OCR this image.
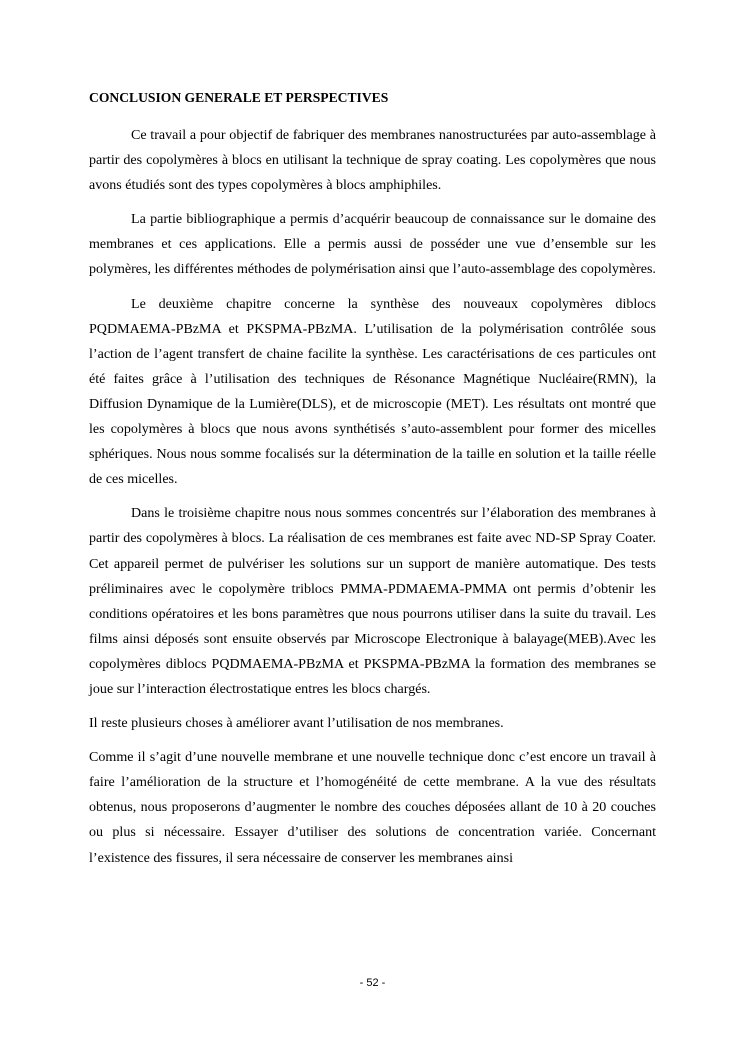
CONCLUSION GENERALE ET PERSPECTIVES

Ce travail a pour objectif de fabriquer des membranes nanostructurées par auto-assemblage à partir des copolymères à blocs en utilisant la technique de spray coating. Les copolymères que nous avons étudiés sont des types copolymères à blocs amphiphiles.

La partie bibliographique a permis d’acquérir beaucoup de connaissance sur le domaine des membranes et ces applications. Elle a permis aussi de posséder une vue d’ensemble sur les polymères, les différentes méthodes de polymérisation ainsi que l’auto-assemblage des copolymères.

Le deuxième chapitre concerne la synthèse des nouveaux copolymères diblocs PQDMAEMA-PBzMA et PKSPMA-PBzMA. L’utilisation de la polymérisation contrôlée sous l’action de l’agent transfert de chaine facilite la synthèse. Les caractérisations de ces particules ont été faites grâce à l’utilisation des techniques de Résonance Magnétique Nucléaire(RMN), la Diffusion Dynamique de la Lumière(DLS), et de microscopie (MET). Les résultats ont montré que les copolymères à blocs que nous avons synthétisés s’auto-assemblent pour former des micelles sphériques. Nous nous somme focalisés sur la détermination de la taille en solution et la taille réelle de ces micelles.

Dans le troisième chapitre nous nous sommes concentrés sur l’élaboration des membranes à partir des copolymères à blocs. La réalisation de ces membranes est faite avec ND-SP Spray Coater. Cet appareil permet de pulvériser les solutions sur un support de manière automatique. Des tests préliminaires avec le copolymère triblocs PMMA-PDMAEMA-PMMA ont permis d’obtenir les conditions opératoires et les bons paramètres que nous pourrons utiliser dans la suite du travail. Les films ainsi déposés sont ensuite observés par Microscope Electronique à balayage(MEB).Avec les copolymères diblocs PQDMAEMA-PBzMA et PKSPMA-PBzMA la formation des membranes se joue sur l’interaction électrostatique entres les blocs chargés.

Il reste plusieurs choses à améliorer avant l’utilisation de nos membranes.

Comme il s’agit d’une nouvelle membrane et une nouvelle technique donc c’est encore un travail à faire l’amélioration de la structure et l’homogénéité de cette membrane. A la vue des résultats obtenus, nous proposerons d’augmenter le nombre des couches déposées allant de 10 à 20 couches ou plus si nécessaire. Essayer d’utiliser des solutions de concentration variée. Concernant l’existence des fissures, il sera nécessaire de conserver les membranes ainsi

- 52 -
